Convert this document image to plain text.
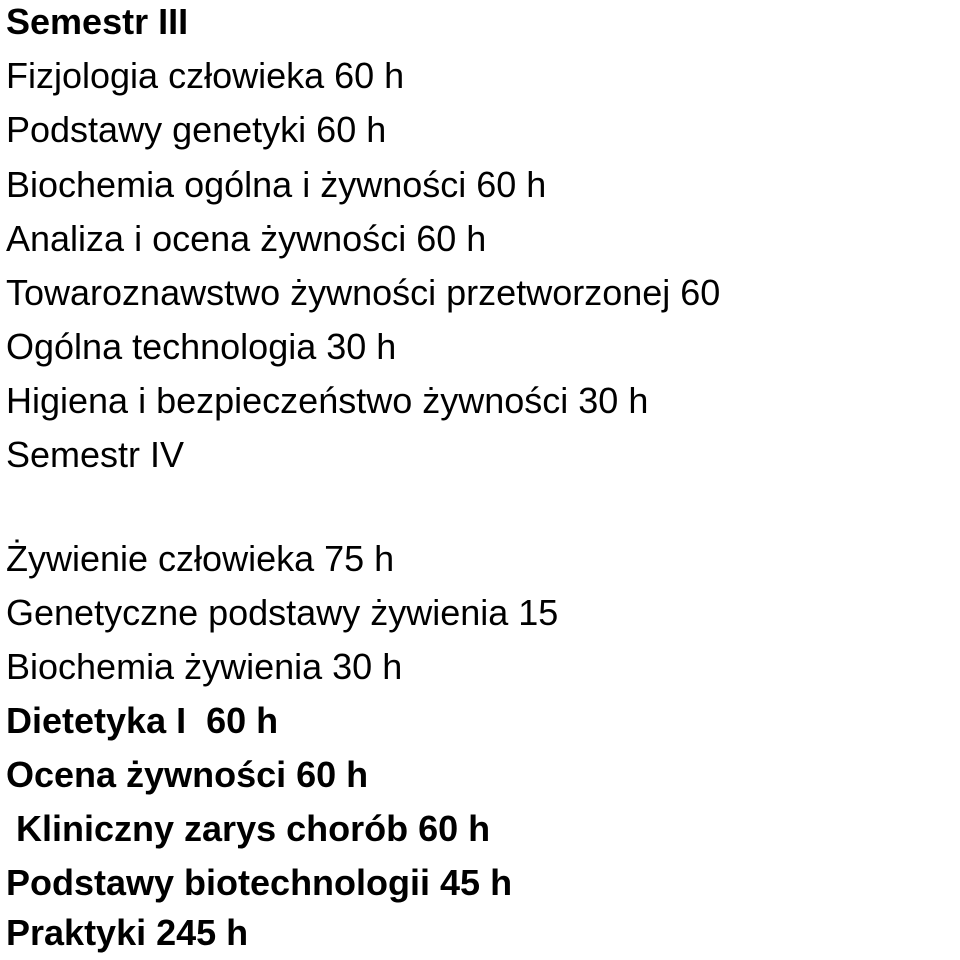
Semestr III
Fizjologia człowieka 60 h
Podstawy genetyki 60 h
Biochemia ogólna i żywności 60 h
Analiza i ocena żywności 60 h
Towaroznawstwo żywności przetworzonej 60
Ogólna technologia 30 h
Higiena i bezpieczeństwo żywności 30 h
Semestr IV
Żywienie człowieka 75 h
Genetyczne podstawy żywienia 15
Biochemia żywienia 30 h
Dietetyka I  60 h
Ocena żywności 60 h
Kliniczny zarys chorób 60 h
Podstawy biotechnologii 45 h
Praktyki 245 h
